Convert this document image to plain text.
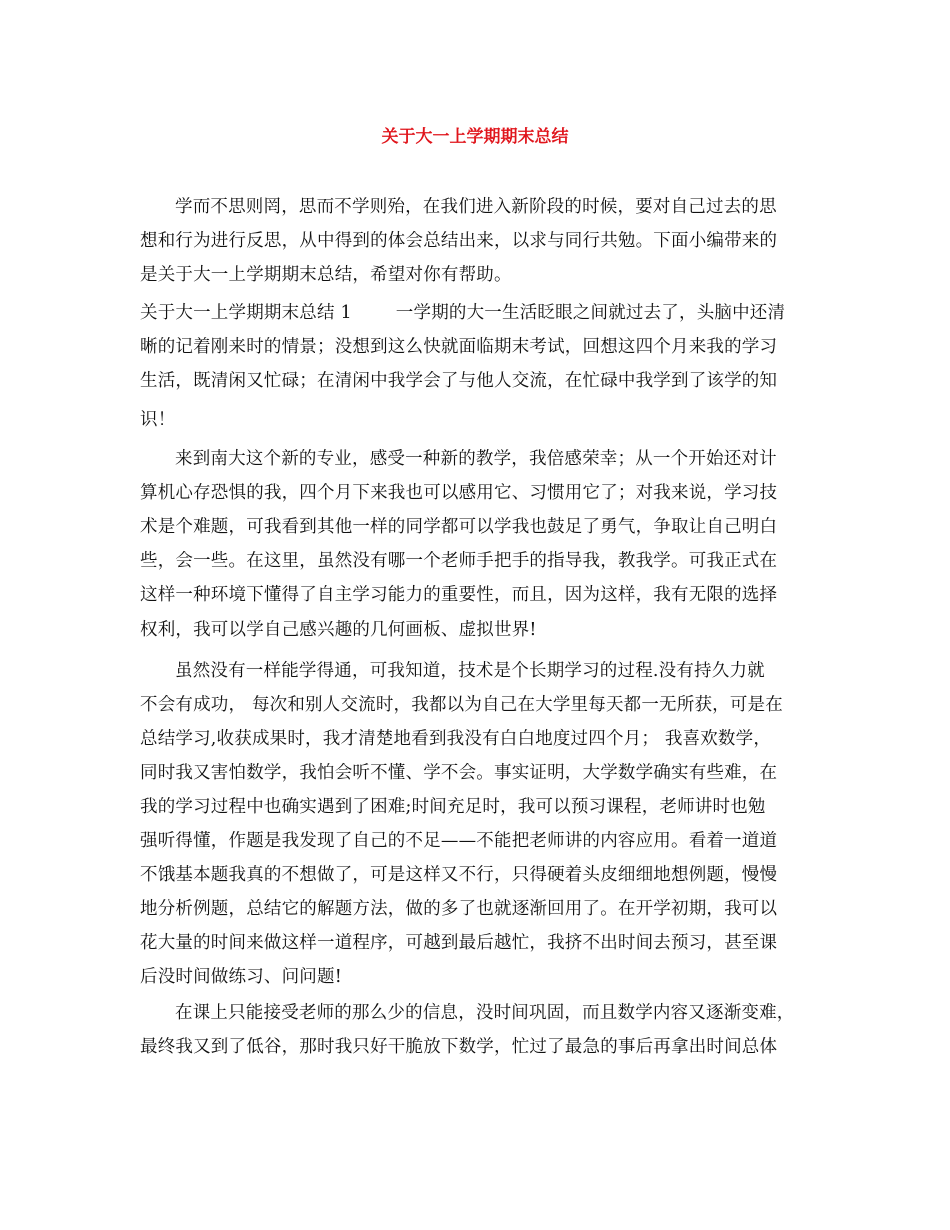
关于大一上学期期末总结

学而不思则罔，思而不学则殆，在我们进入新阶段的时候，要对自己过去的思

想和行为进行反思，从中得到的体会总结出来，以求与同行共勉。下面小编带来的

是关于大一上学期期末总结，希望对你有帮助。

关于大一上学期期末总结 1	一学期的大一生活眨眼之间就过去了，头脑中还清

晰的记着刚来时的情景；没想到这么快就面临期末考试，回想这四个月来我的学习

生活，既清闲又忙碌；在清闲中我学会了与他人交流，在忙碌中我学到了该学的知

识！

来到南大这个新的专业，感受一种新的教学，我倍感荣幸；从一个开始还对计

算机心存恐惧的我，四个月下来我也可以感用它、习惯用它了；对我来说，学习技

术是个难题，可我看到其他一样的同学都可以学我也鼓足了勇气，争取让自己明白

些，会一些。在这里，虽然没有哪一个老师手把手的指导我，教我学。可我正式在

这样一种环境下懂得了自主学习能力的重要性，而且，因为这样，我有无限的选择

权利，我可以学自己感兴趣的几何画板、虚拟世界!

虽然没有一样能学得通，可我知道，技术是个长期学习的过程.没有持久力就

不会有成功， 每次和别人交流时，我都以为自己在大学里每天都一无所获，可是在

总结学习,收获成果时，我才清楚地看到我没有白白地度过四个月； 我喜欢数学，

同时我又害怕数学，我怕会听不懂、学不会。事实证明，大学数学确实有些难，在

我的学习过程中也确实遇到了困难;时间充足时，我可以预习课程，老师讲时也勉

强听得懂，作题是我发现了自己的不足——不能把老师讲的内容应用。看着一道道

不饿基本题我真的不想做了，可是这样又不行，只得硬着头皮细细地想例题，慢慢

地分析例题，总结它的解题方法，做的多了也就逐渐回用了。在开学初期，我可以

花大量的时间来做这样一道程序，可越到最后越忙，我挤不出时间去预习，甚至课

后没时间做练习、问问题!

在课上只能接受老师的那么少的信息，没时间巩固，而且数学内容又逐渐变难，

最终我又到了低谷，那时我只好干脆放下数学，忙过了最急的事后再拿出时间总体
